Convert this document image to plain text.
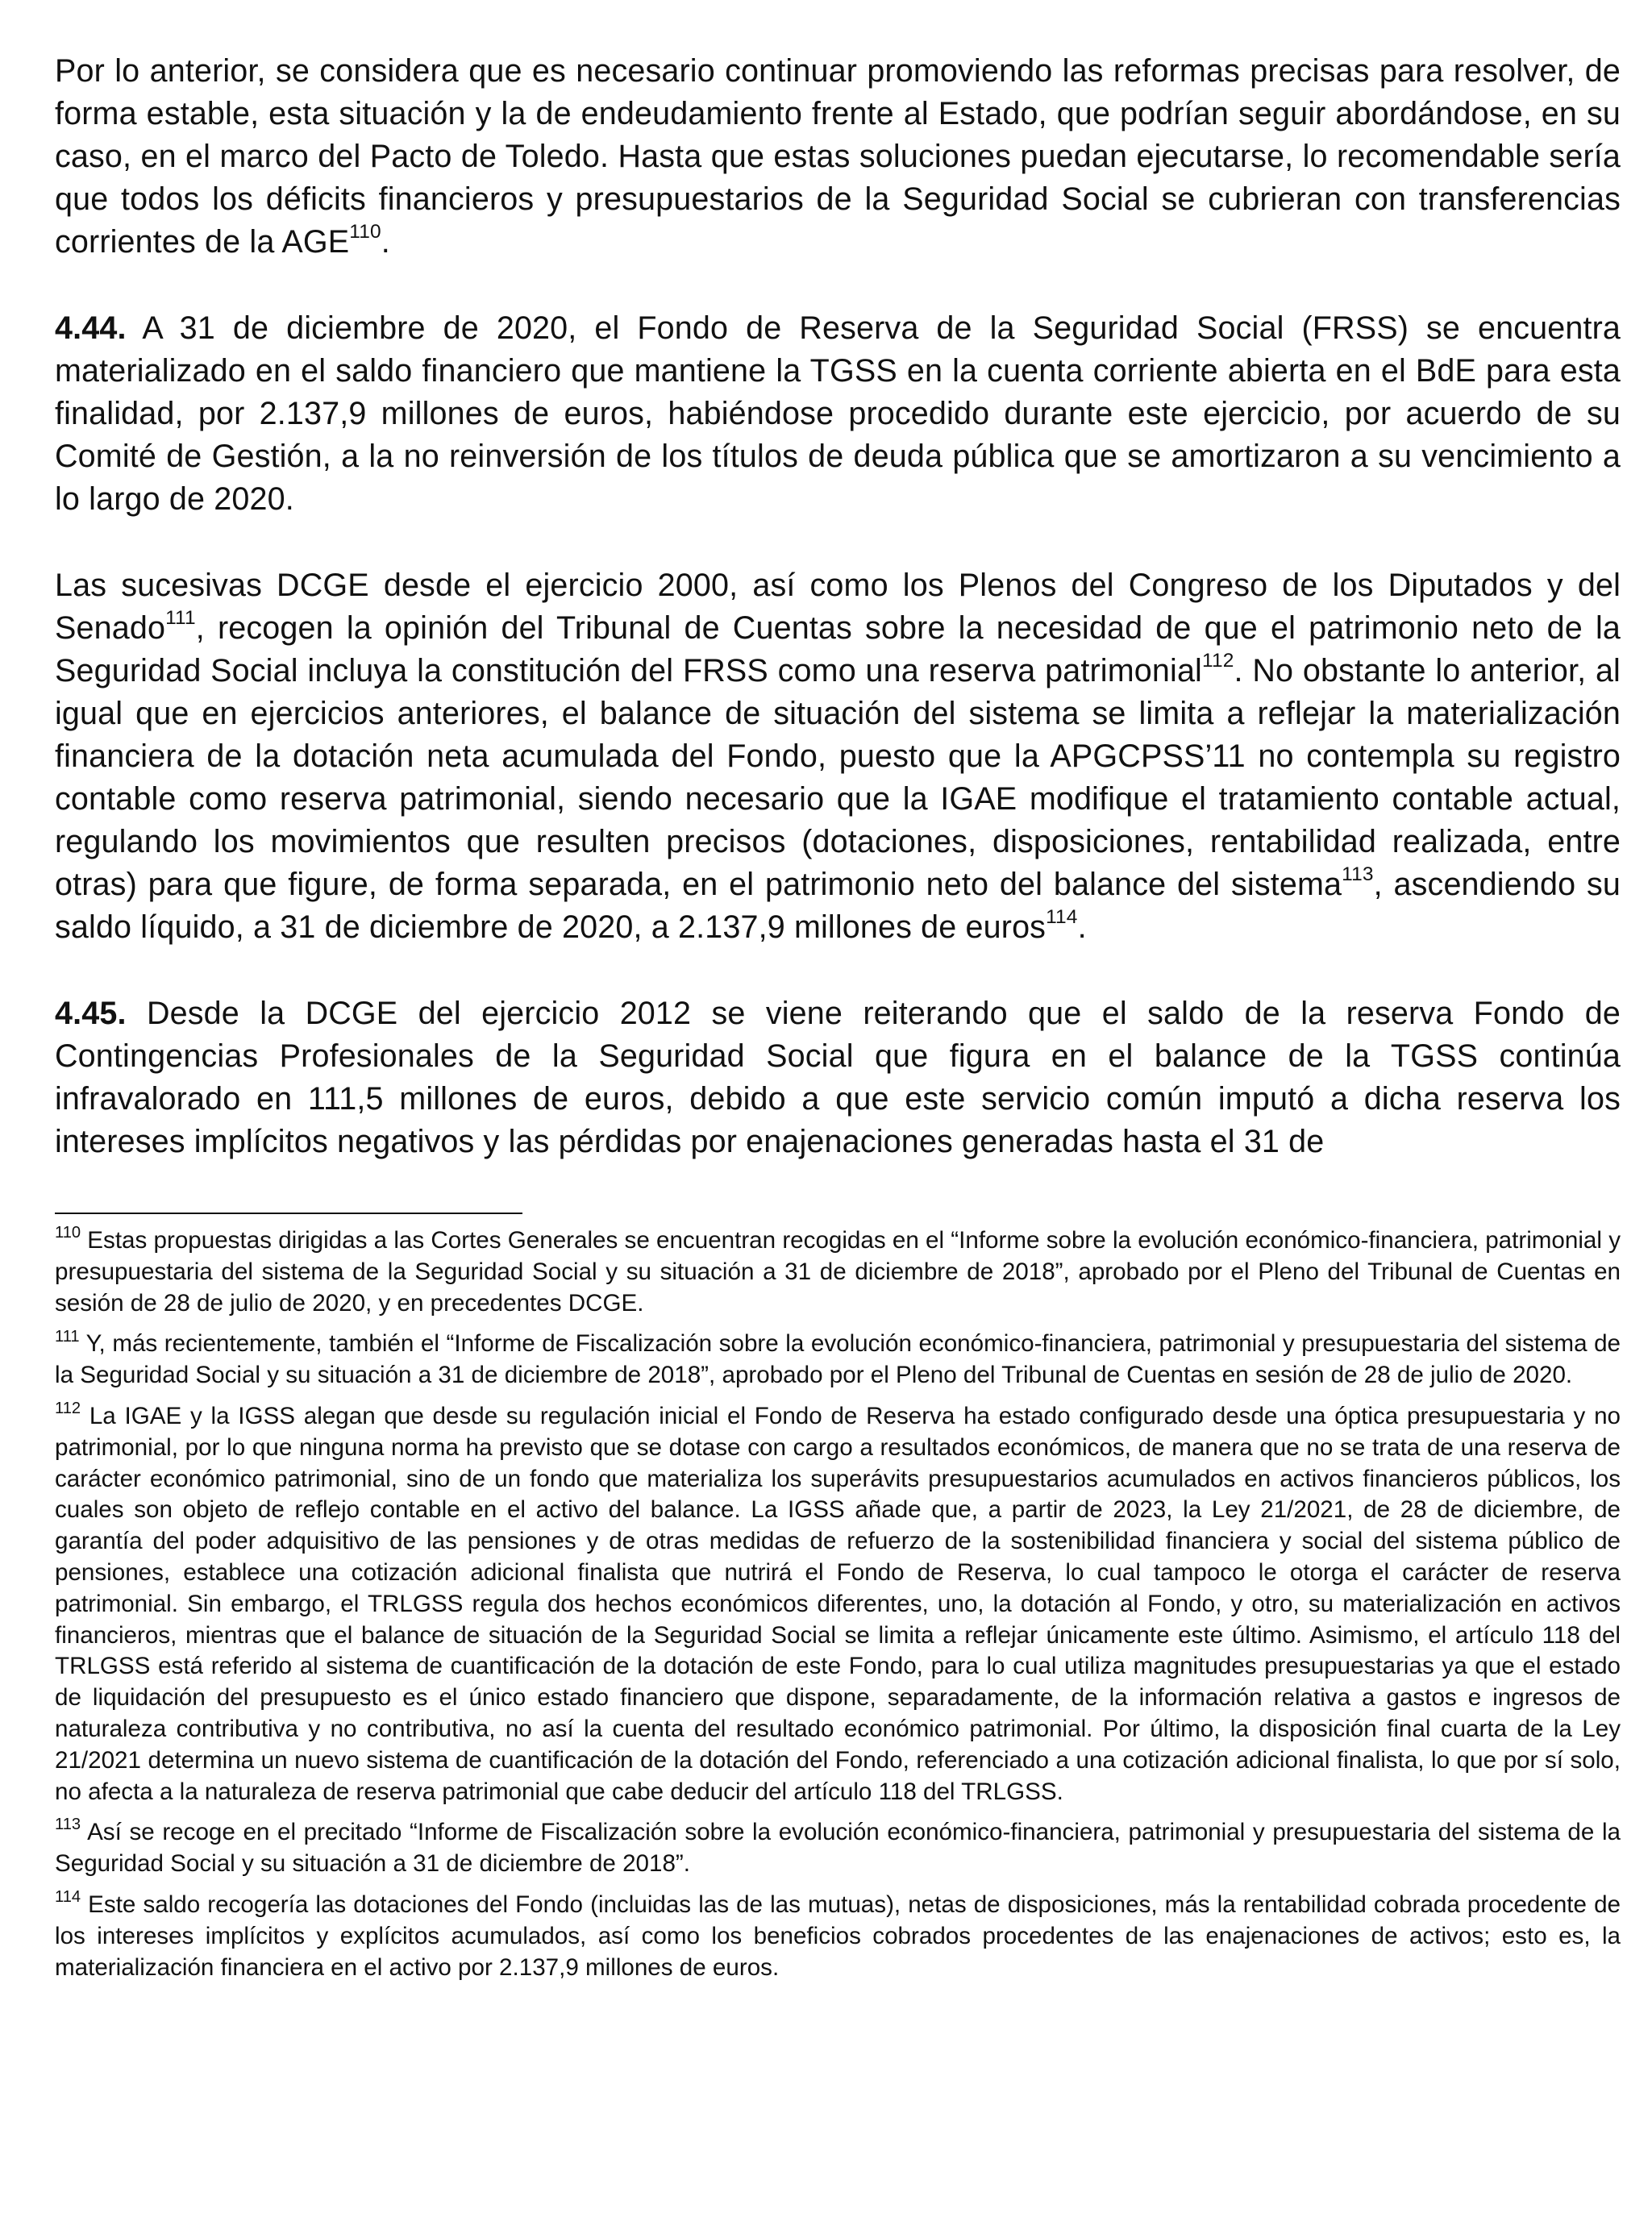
Por lo anterior, se considera que es necesario continuar promoviendo las reformas precisas para resolver, de forma estable, esta situación y la de endeudamiento frente al Estado, que podrían seguir abordándose, en su caso, en el marco del Pacto de Toledo. Hasta que estas soluciones puedan ejecutarse, lo recomendable sería que todos los déficits financieros y presupuestarios de la Seguridad Social se cubrieran con transferencias corrientes de la AGE$^{110}$.

4.44. A 31 de diciembre de 2020, el Fondo de Reserva de la Seguridad Social (FRSS) se encuentra materializado en el saldo financiero que mantiene la TGSS en la cuenta corriente abierta en el BdE para esta finalidad, por 2.137,9 millones de euros, habiéndose procedido durante este ejercicio, por acuerdo de su Comité de Gestión, a la no reinversión de los títulos de deuda pública que se amortizaron a su vencimiento a lo largo de 2020.

Las sucesivas DCGE desde el ejercicio 2000, así como los Plenos del Congreso de los Diputados y del Senado$^{111}$, recogen la opinión del Tribunal de Cuentas sobre la necesidad de que el patrimonio neto de la Seguridad Social incluya la constitución del FRSS como una reserva patrimonial$^{112}$. No obstante lo anterior, al igual que en ejercicios anteriores, el balance de situación del sistema se limita a reflejar la materialización financiera de la dotación neta acumulada del Fondo, puesto que la APGCPSS’11 no contempla su registro contable como reserva patrimonial, siendo necesario que la IGAE modifique el tratamiento contable actual, regulando los movimientos que resulten precisos (dotaciones, disposiciones, rentabilidad realizada, entre otras) para que figure, de forma separada, en el patrimonio neto del balance del sistema$^{113}$, ascendiendo su saldo líquido, a 31 de diciembre de 2020, a 2.137,9 millones de euros$^{114}$.

4.45. Desde la DCGE del ejercicio 2012 se viene reiterando que el saldo de la reserva Fondo de Contingencias Profesionales de la Seguridad Social que figura en el balance de la TGSS continúa infravalorado en 111,5 millones de euros, debido a que este servicio común imputó a dicha reserva los intereses implícitos negativos y las pérdidas por enajenaciones generadas hasta el 31 de

$^{110}$ Estas propuestas dirigidas a las Cortes Generales se encuentran recogidas en el “Informe sobre la evolución económico-financiera, patrimonial y presupuestaria del sistema de la Seguridad Social y su situación a 31 de diciembre de 2018”, aprobado por el Pleno del Tribunal de Cuentas en sesión de 28 de julio de 2020, y en precedentes DCGE.

$^{111}$ Y, más recientemente, también el “Informe de Fiscalización sobre la evolución económico-financiera, patrimonial y presupuestaria del sistema de la Seguridad Social y su situación a 31 de diciembre de 2018”, aprobado por el Pleno del Tribunal de Cuentas en sesión de 28 de julio de 2020.

$^{112}$ La IGAE y la IGSS alegan que desde su regulación inicial el Fondo de Reserva ha estado configurado desde una óptica presupuestaria y no patrimonial, por lo que ninguna norma ha previsto que se dotase con cargo a resultados económicos, de manera que no se trata de una reserva de carácter económico patrimonial, sino de un fondo que materializa los superávits presupuestarios acumulados en activos financieros públicos, los cuales son objeto de reflejo contable en el activo del balance. La IGSS añade que, a partir de 2023, la Ley 21/2021, de 28 de diciembre, de garantía del poder adquisitivo de las pensiones y de otras medidas de refuerzo de la sostenibilidad financiera y social del sistema público de pensiones, establece una cotización adicional finalista que nutrirá el Fondo de Reserva, lo cual tampoco le otorga el carácter de reserva patrimonial. Sin embargo, el TRLGSS regula dos hechos económicos diferentes, uno, la dotación al Fondo, y otro, su materialización en activos financieros, mientras que el balance de situación de la Seguridad Social se limita a reflejar únicamente este último. Asimismo, el artículo 118 del TRLGSS está referido al sistema de cuantificación de la dotación de este Fondo, para lo cual utiliza magnitudes presupuestarias ya que el estado de liquidación del presupuesto es el único estado financiero que dispone, separadamente, de la información relativa a gastos e ingresos de naturaleza contributiva y no contributiva, no así la cuenta del resultado económico patrimonial. Por último, la disposición final cuarta de la Ley 21/2021 determina un nuevo sistema de cuantificación de la dotación del Fondo, referenciado a una cotización adicional finalista, lo que por sí solo, no afecta a la naturaleza de reserva patrimonial que cabe deducir del artículo 118 del TRLGSS.

$^{113}$ Así se recoge en el precitado “Informe de Fiscalización sobre la evolución económico-financiera, patrimonial y presupuestaria del sistema de la Seguridad Social y su situación a 31 de diciembre de 2018”.

$^{114}$ Este saldo recogería las dotaciones del Fondo (incluidas las de las mutuas), netas de disposiciones, más la rentabilidad cobrada procedente de los intereses implícitos y explícitos acumulados, así como los beneficios cobrados procedentes de las enajenaciones de activos; esto es, la materialización financiera en el activo por 2.137,9 millones de euros.
